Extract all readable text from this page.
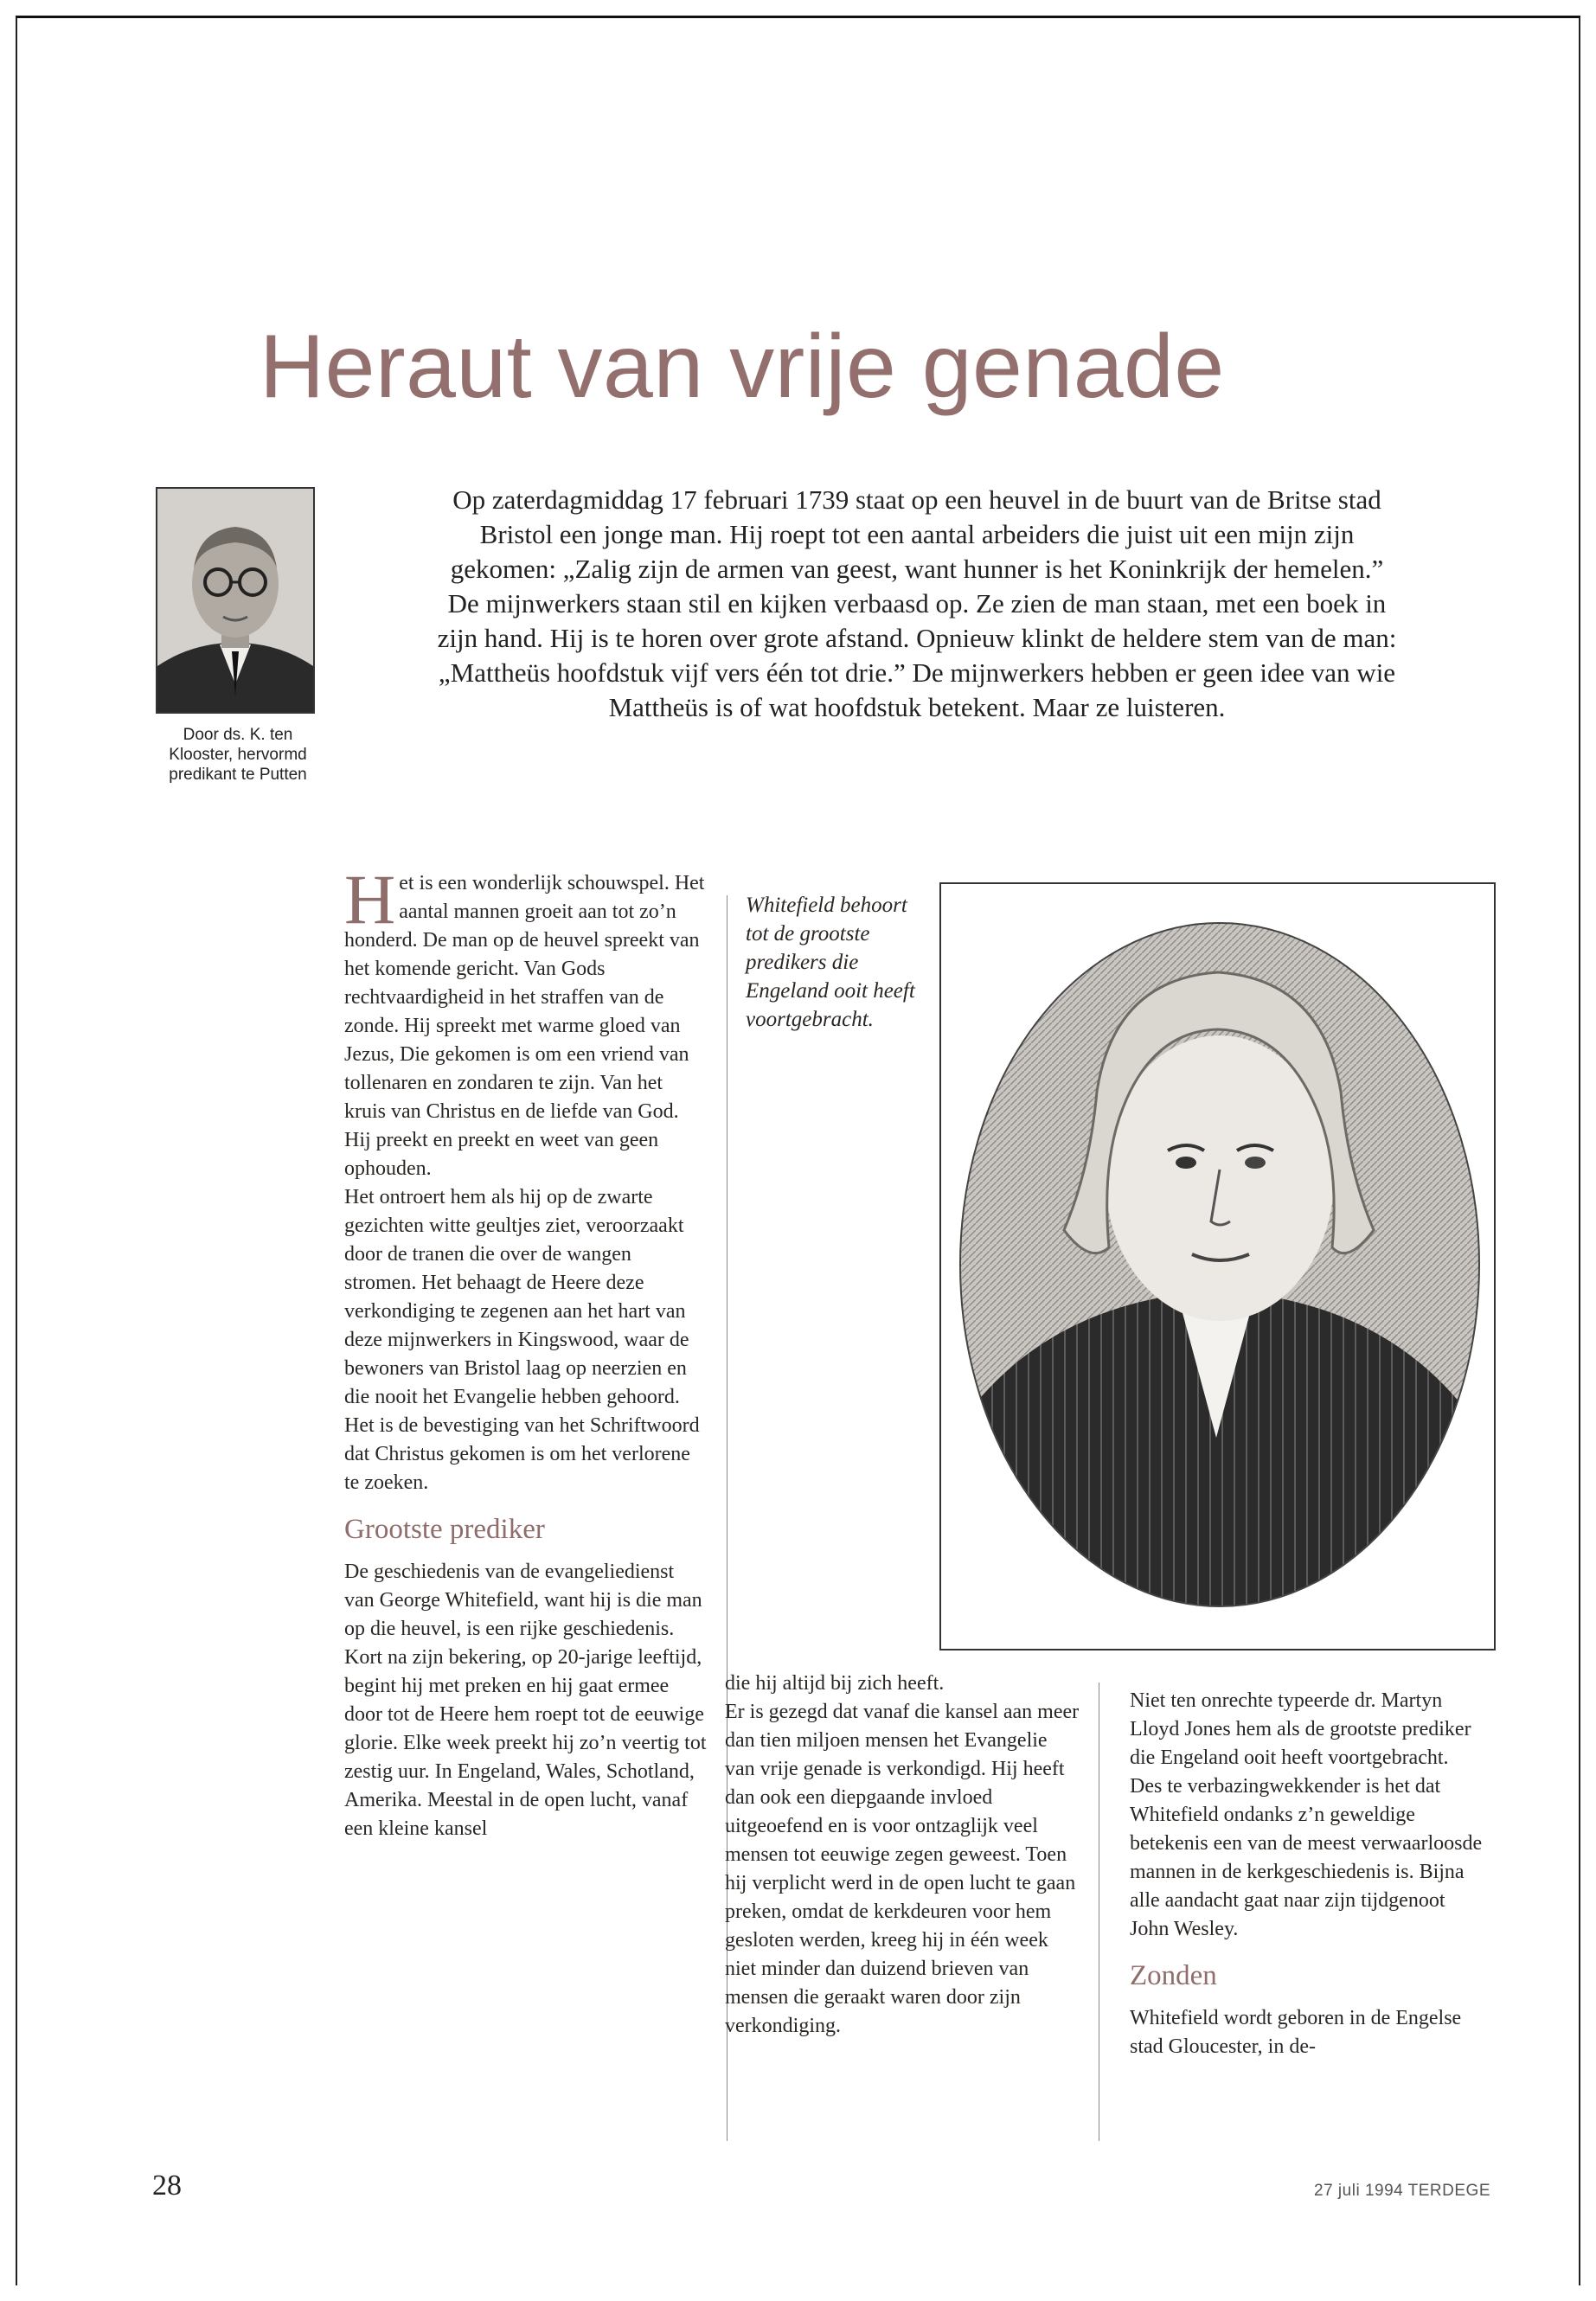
Heraut van vrije genade
Door ds. K. ten Klooster, hervormd predikant te Putten
Op zaterdagmiddag 17 februari 1739 staat op een heuvel in de buurt van de Britse stad Bristol een jonge man. Hij roept tot een aantal arbeiders die juist uit een mijn zijn gekomen: „Zalig zijn de armen van geest, want hunner is het Koninkrijk der hemelen.” De mijnwerkers staan stil en kijken verbaasd op. Ze zien de man staan, met een boek in zijn hand. Hij is te horen over grote afstand. Opnieuw klinkt de heldere stem van de man: „Mattheüs hoofdstuk vijf vers één tot drie.” De mijnwerkers hebben er geen idee van wie Mattheüs is of wat hoofdstuk betekent. Maar ze luisteren.

Het is een wonderlijk schouwspel. Het aantal mannen groeit aan tot zo’n honderd. De man op de heuvel spreekt van het komende gericht. Van Gods rechtvaardigheid in het straffen van de zonde. Hij spreekt met warme gloed van Jezus, Die gekomen is om een vriend van tollenaren en zondaren te zijn. Van het kruis van Christus en de liefde van God. Hij preekt en preekt en weet van geen ophouden.

Het ontroert hem als hij op de zwarte gezichten witte geultjes ziet, veroorzaakt door de tranen die over de wangen stromen. Het behaagt de Heere deze verkondiging te zegenen aan het hart van deze mijnwerkers in Kingswood, waar de bewoners van Bristol laag op neerzien en die nooit het Evangelie hebben gehoord. Het is de bevestiging van het Schriftwoord dat Christus gekomen is om het verlorene te zoeken.

Grootste prediker

De geschiedenis van de evangeliedienst van George Whitefield, want hij is die man op die heuvel, is een rijke geschiedenis. Kort na zijn bekering, op 20-jarige leeftijd, begint hij met preken en hij gaat ermee door tot de Heere hem roept tot de eeuwige glorie. Elke week preekt hij zo’n veertig tot zestig uur. In Engeland, Wales, Schotland, Amerika. Meestal in de open lucht, vanaf een kleine kansel

Whitefield behoort tot de grootste predikers die Engeland ooit heeft voortgebracht.

die hij altijd bij zich heeft.

Er is gezegd dat vanaf die kansel aan meer dan tien miljoen mensen het Evangelie van vrije genade is verkondigd. Hij heeft dan ook een diepgaande invloed uitgeoefend en is voor ontzaglijk veel mensen tot eeuwige zegen geweest. Toen hij verplicht werd in de open lucht te gaan preken, omdat de kerkdeuren voor hem gesloten werden, kreeg hij in één week niet minder dan duizend brieven van mensen die geraakt waren door zijn verkondiging.

Niet ten onrechte typeerde dr. Martyn Lloyd Jones hem als de grootste prediker die Engeland ooit heeft voortgebracht. Des te verbazingwekkender is het dat Whitefield ondanks z’n geweldige betekenis een van de meest verwaarloosde mannen in de kerkgeschiedenis is. Bijna alle aandacht gaat naar zijn tijdgenoot John Wesley.

Zonden

Whitefield wordt geboren in de Engelse stad Gloucester, in de-

28	27 juli 1994 TERDEGE
